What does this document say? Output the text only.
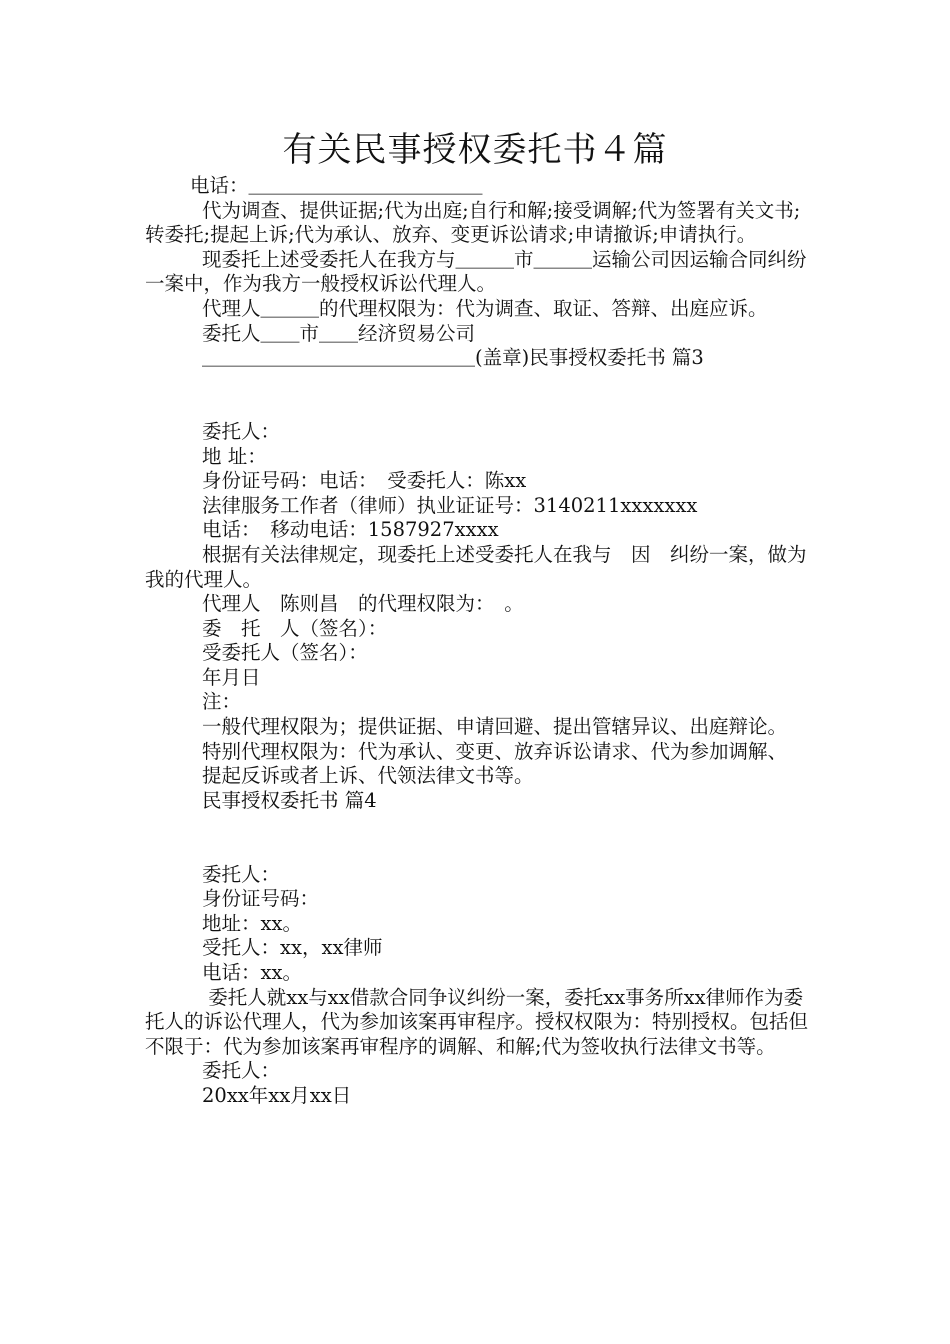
有关民事授权委托书４篇

电话：＿＿＿＿＿＿＿＿＿＿＿＿

代为调查、提供证据;代为出庭;自行和解;接受调解;代为签署有关文书;转委托;提起上诉;代为承认、放弃、变更诉讼请求;申请撤诉;申请执行。

现委托上述受委托人在我方与＿＿＿市＿＿＿运输公司因运输合同纠纷一案中，作为我方一般授权诉讼代理人。

代理人＿＿＿的代理权限为：代为调查、取证、答辩、出庭应诉。

委托人＿＿市＿＿经济贸易公司

＿＿＿＿＿＿＿＿＿＿＿＿＿＿(盖章)民事授权委托书 篇3

委托人：

地 址：

身份证号码：电话：　受委托人：陈xx

法律服务工作者（律师）执业证证号：3140211xxxxxxx

电话：　移动电话：1587927xxxx

根据有关法律规定，现委托上述受委托人在我与　因　纠纷一案，做为我的代理人。

代理人　陈则昌　的代理权限为：　。

委　托　人（签名）：

受委托人（签名）：

年月日

注：

一般代理权限为；提供证据、申请回避、提出管辖异议、出庭辩论。

特别代理权限为：代为承认、变更、放弃诉讼请求、代为参加调解、

提起反诉或者上诉、代领法律文书等。

民事授权委托书 篇4

委托人：

身份证号码：

地址：xx。

受托人：xx，xx律师

电话：xx。

委托人就xx与xx借款合同争议纠纷一案，委托xx事务所xx律师作为委托人的诉讼代理人，代为参加该案再审程序。授权权限为：特别授权。包括但不限于：代为参加该案再审程序的调解、和解;代为签收执行法律文书等。

委托人：

20xx年xx月xx日
